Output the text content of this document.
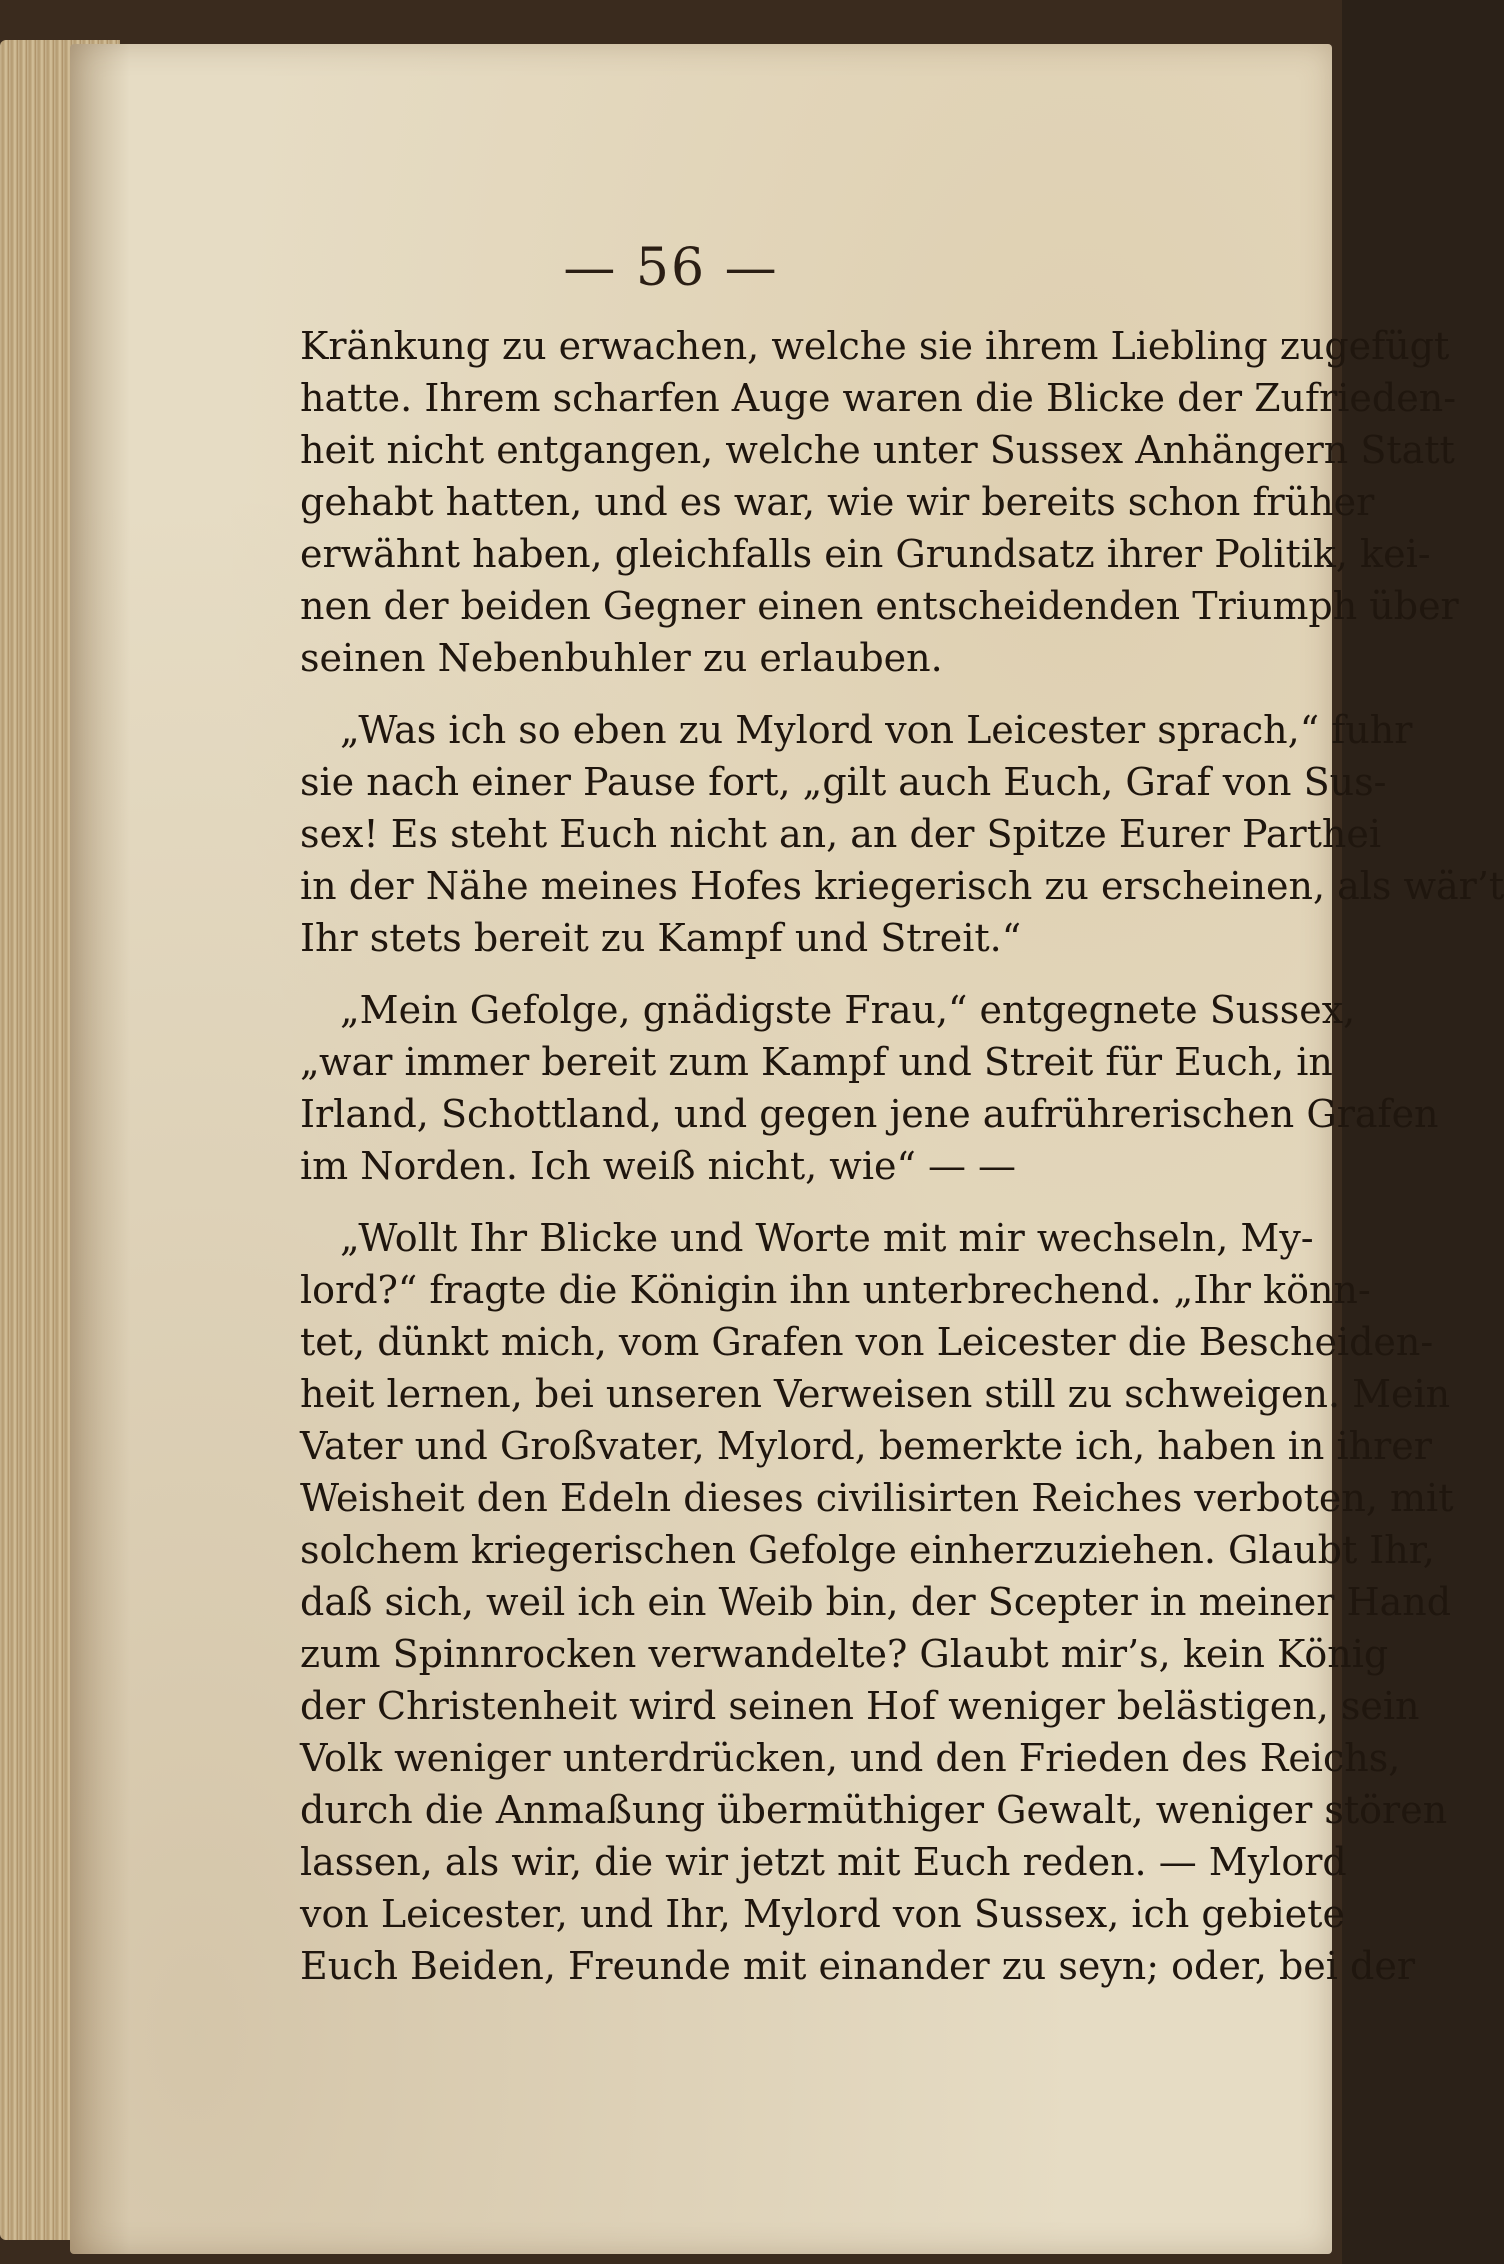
— 56 —
Kränkung zu erwachen, welche sie ihrem Liebling zugefügt
hatte. Ihrem scharfen Auge waren die Blicke der Zufrieden-
heit nicht entgangen, welche unter Sussex Anhängern Statt
gehabt hatten, und es war, wie wir bereits schon früher
erwähnt haben, gleichfalls ein Grundsatz ihrer Politik, kei-
nen der beiden Gegner einen entscheidenden Triumph über
seinen Nebenbuhler zu erlauben.
„Was ich so eben zu Mylord von Leicester sprach,“ fuhr
sie nach einer Pause fort, „gilt auch Euch, Graf von Sus-
sex! Es steht Euch nicht an, an der Spitze Eurer Parthei
in der Nähe meines Hofes kriegerisch zu erscheinen, als wär’t
Ihr stets bereit zu Kampf und Streit.“
„Mein Gefolge, gnädigste Frau,“ entgegnete Sussex,
„war immer bereit zum Kampf und Streit für Euch, in
Irland, Schottland, und gegen jene aufrührerischen Grafen
im Norden. Ich weiß nicht, wie“ — —
„Wollt Ihr Blicke und Worte mit mir wechseln, My-
lord?“ fragte die Königin ihn unterbrechend. „Ihr könn-
tet, dünkt mich, vom Grafen von Leicester die Bescheiden-
heit lernen, bei unseren Verweisen still zu schweigen. Mein
Vater und Großvater, Mylord, bemerkte ich, haben in ihrer
Weisheit den Edeln dieses civilisirten Reiches verboten, mit
solchem kriegerischen Gefolge einherzuziehen. Glaubt Ihr,
daß sich, weil ich ein Weib bin, der Scepter in meiner Hand
zum Spinnrocken verwandelte? Glaubt mir’s, kein König
der Christenheit wird seinen Hof weniger belästigen, sein
Volk weniger unterdrücken, und den Frieden des Reichs,
durch die Anmaßung übermüthiger Gewalt, weniger stören
lassen, als wir, die wir jetzt mit Euch reden. — Mylord
von Leicester, und Ihr, Mylord von Sussex, ich gebiete
Euch Beiden, Freunde mit einander zu seyn; oder, bei der
